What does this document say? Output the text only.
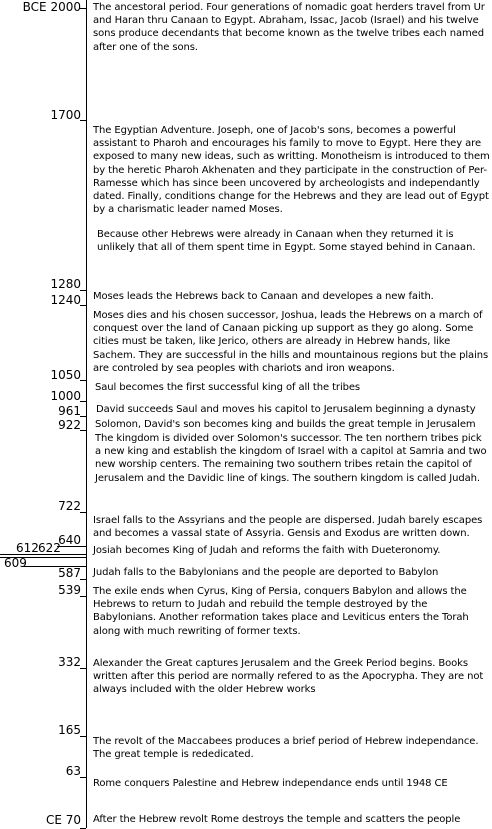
BCE 2000
1700
1280
1240
1050
1000
961
922
722
640
612 622
609
587
539
332
165
63
CE 70
The ancestoral period. Four generations of nomadic goat herders travel from Ur and Haran thru Canaan to Egypt. Abraham, Issac, Jacob (Israel) and his twelve sons produce decendants that become known as the twelve tribes each named after one of the sons.
The Egyptian Adventure. Joseph, one of Jacob's sons, becomes a powerful assistant to Pharoh and encourages his family to move to Egypt. Here they are exposed to many new ideas, such as writting. Monotheism is introduced to them by the heretic Pharoh Akhenaten and they participate in the construction of Per-Ramesse which has since been uncovered by archeologists and independantly dated. Finally, conditions change for the Hebrews and they are lead out of Egypt by a charismatic leader named Moses.
Because other Hebrews were already in Canaan when they returned it is unlikely that all of them spent time in Egypt. Some stayed behind in Canaan.
Moses leads the Hebrews back to Canaan and developes a new faith.
Moses dies and his chosen successor, Joshua, leads the Hebrews on a march of conquest over the land of Canaan picking up support as they go along. Some cities must be taken, like Jerico, others are already in Hebrew hands, like Sachem. They are successful in the hills and mountainous regions but the plains are controled by sea peoples with chariots and iron weapons.
Saul becomes the first successful king of all the tribes
David succeeds Saul and moves his capitol to Jerusalem beginning a dynasty
Solomon, David's son becomes king and builds the great temple in Jerusalem
The kingdom is divided over Solomon's successor. The ten northern tribes pick a new king and establish the kingdom of Israel with a capitol at Samria and two new worship centers. The remaining two southern tribes retain the capitol of Jerusalem and the Davidic line of kings. The southern kingdom is called Judah.
Israel falls to the Assyrians and the people are dispersed. Judah barely escapes and becomes a vassal state of Assyria. Gensis and Exodus are written down.
Josiah becomes King of Judah and reforms the faith with Dueteronomy.
Judah falls to the Babylonians and the people are deported to Babylon
The exile ends when Cyrus, King of Persia, conquers Babylon and allows the Hebrews to return to Judah and rebuild the temple destroyed by the Babylonians. Another reformation takes place and Leviticus enters the Torah along with much rewriting of former texts.
Alexander the Great captures Jerusalem and the Greek Period begins. Books written after this period are normally refered to as the Apocrypha. They are not always included with the older Hebrew works
The revolt of the Maccabees produces a brief period of Hebrew independance. The great temple is rededicated.
Rome conquers Palestine and Hebrew independance ends until 1948 CE
After the Hebrew revolt Rome destroys the temple and scatters the people
